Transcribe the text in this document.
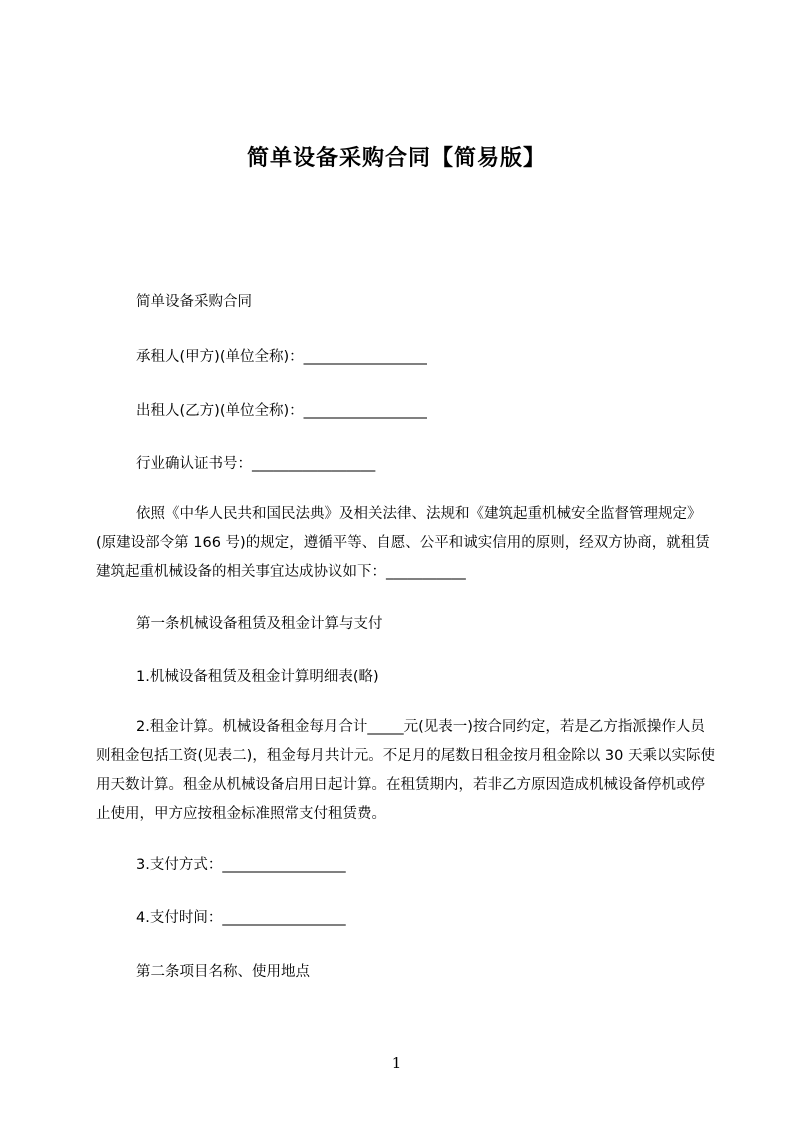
简单设备采购合同【简易版】
简单设备采购合同
承租人(甲方)(单位全称)：_________________
出租人(乙方)(单位全称)：_________________
行业确认证书号：_________________
依照《中华人民共和国民法典》及相关法律、法规和《建筑起重机械安全监督管理规定》(原建设部令第 166 号)的规定，遵循平等、自愿、公平和诚实信用的原则，经双方协商，就租赁建筑起重机械设备的相关事宜达成协议如下：___________
第一条机械设备租赁及租金计算与支付
1.机械设备租赁及租金计算明细表(略)
2.租金计算。机械设备租金每月合计_____元(见表一)按合同约定，若是乙方指派操作人员则租金包括工资(见表二)，租金每月共计元。不足月的尾数日租金按月租金除以 30 天乘以实际使用天数计算。租金从机械设备启用日起计算。在租赁期内，若非乙方原因造成机械设备停机或停止使用，甲方应按租金标准照常支付租赁费。
3.支付方式：_________________
4.支付时间：_________________
第二条项目名称、使用地点
1
